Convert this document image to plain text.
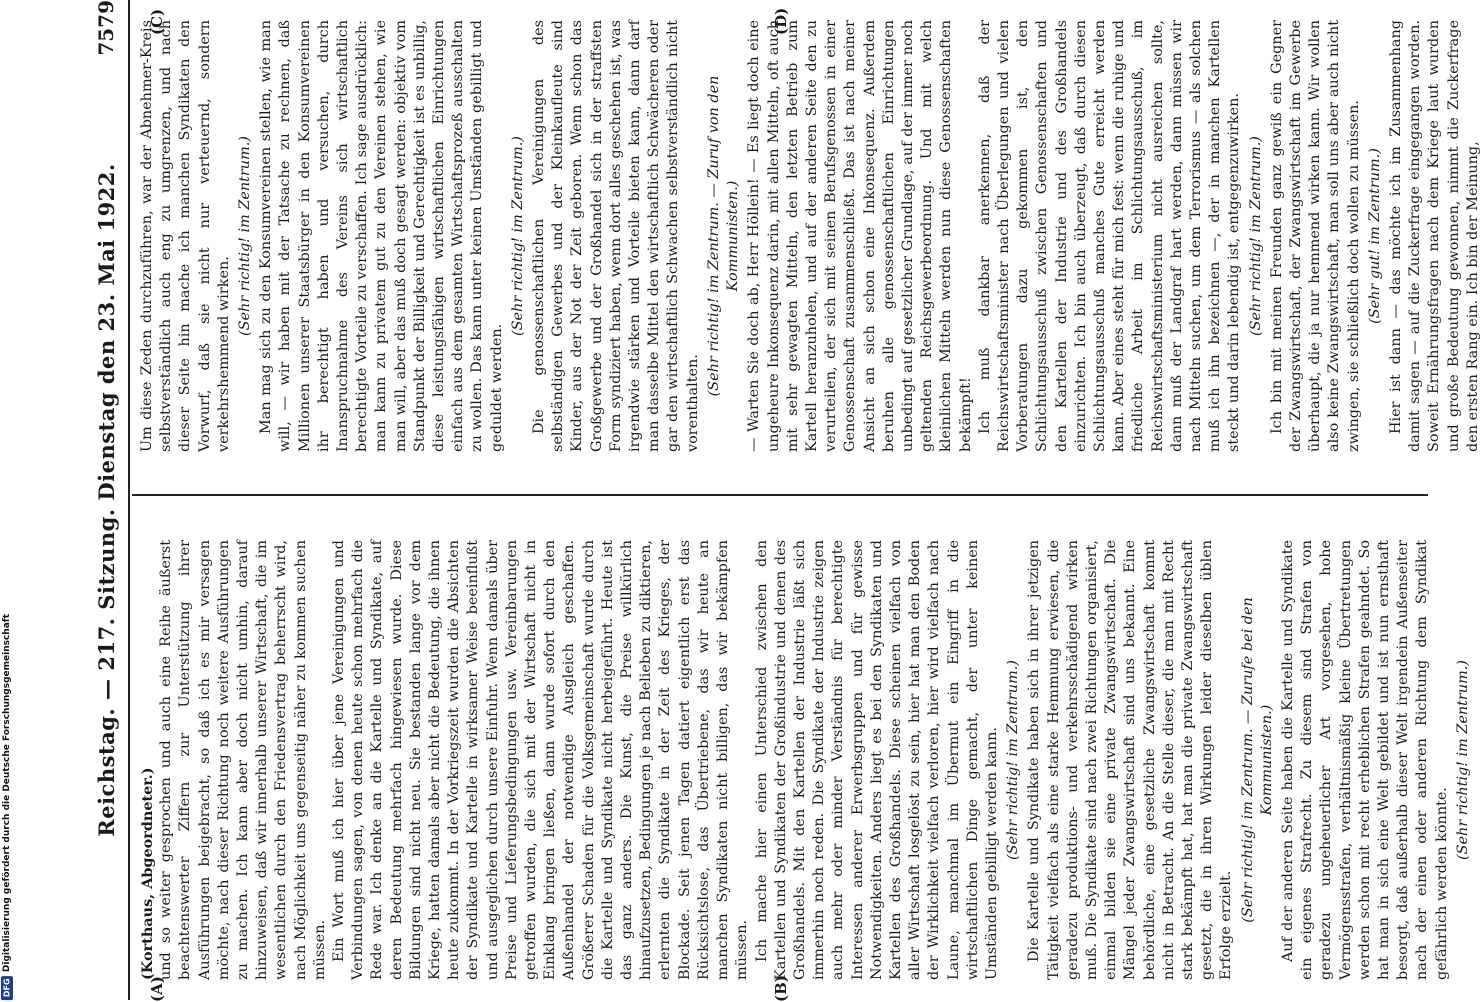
DFG
Digitalisierung gefördert durch die Deutsche Forschungsgemeinschaft	Reichstag. — 217. Sitzung. Dienstag den 23. Mai 1922.
7579
(A)	(B)
(C)	(D)

(Korthaus, Abgeordneter.) und so weiter gesprochen und auch eine Reihe äußerst beachtenswerter Ziffern zur Unterstützung ihrer Ausführungen beigebracht, so daß ich es mir versagen möchte, nach dieser Richtung noch weitere Ausführungen zu machen. Ich kann aber doch nicht umhin, darauf hinzuweisen, daß wir innerhalb unserer Wirtschaft, die im wesentlichen durch den Friedensvertrag beherrscht wird, nach Möglichkeit uns gegenseitig näher zu kommen suchen müssen. Ein Wort muß ich hier über jene Vereinigungen und Verbindungen sagen, von denen heute schon mehrfach die Rede war. Ich denke an die Kartelle und Syndikate, auf deren Bedeutung mehrfach hingewiesen wurde. Diese Bildungen sind nicht neu. Sie bestanden lange vor dem Kriege, hatten damals aber nicht die Bedeutung, die ihnen heute zukommt. In der Vorkriegszeit wurden die Absichten der Syndikate und Kartelle in wirksamer Weise beeinflußt und ausgeglichen durch unsere Einfuhr. Wenn damals über Preise und Lieferungsbedingungen usw. Vereinbarungen getroffen wurden, die sich mit der Wirtschaft nicht in Einklang bringen ließen, dann wurde sofort durch den Außenhandel der notwendige Ausgleich geschaffen. Größerer Schaden für die Volksgemeinschaft wurde durch die Kartelle und Syndikate nicht herbeigeführt. Heute ist das ganz anders. Die Kunst, die Preise willkürlich hinaufzusetzen, Bedingungen je nach Belieben zu diktieren, erlernten die Syndikate in der Zeit des Krieges, der Blockade. Seit jenen Tagen datiert eigentlich erst das Rücksichtslose, das Übertriebene, das wir heute an manchen Syndikaten nicht billigen, das wir bekämpfen müssen. Ich mache hier einen Unterschied zwischen den Kartellen und Syndikaten der Großindustrie und denen des Großhandels. Mit den Kartellen der Industrie läßt sich immerhin noch reden. Die Syndikate der Industrie zeigen auch mehr oder minder Verständnis für berechtigte Interessen anderer Erwerbsgruppen und für gewisse Notwendigkeiten. Anders liegt es bei den Syndikaten und Kartellen des Großhandels. Diese scheinen vielfach von aller Wirtschaft losgelöst zu sein, hier hat man den Boden der Wirklichkeit vielfach verloren, hier wird vielfach nach Laune, manchmal im Übermut ein Eingriff in die wirtschaftlichen Dinge gemacht, der unter keinen Umständen gebilligt werden kann. (Sehr richtig! im Zentrum.) Die Kartelle und Syndikate haben sich in ihrer jetzigen Tätigkeit vielfach als eine starke Hemmung erwiesen, die geradezu produktions- und verkehrsschädigend wirken muß. Die Syndikate sind nach zwei Richtungen organisiert, einmal bilden sie eine private Zwangswirtschaft. Die Mängel jeder Zwangswirtschaft sind uns bekannt. Eine behördliche, eine gesetzliche Zwangswirtschaft kommt nicht in Betracht. An die Stelle dieser, die man mit Recht stark bekämpft hat, hat man die private Zwangswirtschaft gesetzt, die in ihren Wirkungen leider dieselben üblen Erfolge erzielt.

(Sehr richtig! im Zentrum. — Zurufe bei den Kommunisten.) Auf der anderen Seite haben die Kartelle und Syndikate ein eigenes Strafrecht. Zu diesem sind Strafen von geradezu ungeheuerlicher Art vorgesehen, hohe Vermögensstrafen, verhältnismäßig kleine Übertretungen werden schon mit recht erheblichen Strafen geahndet. So hat man in sich eine Welt gebildet und ist nun ernsthaft besorgt, daß außerhalb dieser Welt irgendein Außenseiter nach der einen oder anderen Richtung dem Syndikat gefährlich werden könnte.

(Sehr richtig! im Zentrum.)

Um diese Zeden durchzuführen, war der Abnehmer-Kreis selbstverständlich auch eng zu umgrenzen, und nach dieser Seite hin mache ich manchen Syndikaten den Vorwurf, daß sie nicht nur verteuernd, sondern verkehrshemmend wirken.

(Sehr richtig! im Zentrum.) Man mag sich zu den Konsumvereinen stellen, wie man will, — wir haben mit der Tatsache zu rechnen, daß Millionen unserer Staatsbürger in den Konsumvereinen ihr berechtigt haben und versuchen, durch Inanspruchnahme des Vereins sich wirtschaftlich berechtigte Vorteile zu verschaffen. Ich sage ausdrücklich: man kann zu privatem gut zu den Vereinen stehen, wie man will, aber das muß doch gesagt werden: objektiv vom Standpunkt der Billigkeit und Gerechtigkeit ist es unbillig, diese leistungsfähigen wirtschaftlichen Einrichtungen einfach aus dem gesamten Wirtschaftsprozeß ausschalten zu wollen. Das kann unter keinen Umständen gebilligt und geduldet werden.

(Sehr richtig! im Zentrum.) Die genossenschaftlichen Vereinigungen des selbständigen Gewerbes und der Kleinkaufleute sind Kinder, aus der Not der Zeit geboren. Wenn schon das Großgewerbe und der Großhandel sich in der straffsten Form syndiziert haben, wenn dort alles geschehen ist, was irgendwie stärken und Vorteile bieten kann, dann darf man dasselbe Mittel den wirtschaftlich Schwächeren oder gar den wirtschaftlich Schwachen selbstverständlich nicht vorenthalten.

(Sehr richtig! im Zentrum. — Zuruf von den Kommunisten.) — Warten Sie doch ab, Herr Höllein! — Es liegt doch eine ungeheure Inkonsequenz darin, mit allen Mitteln, oft auch mit sehr gewagten Mitteln, den letzten Betrieb zum Kartell heranzuholen, und auf der anderen Seite den zu verurteilen, der sich mit seinen Berufsgenossen in einer Genossenschaft zusammenschließt. Das ist nach meiner Ansicht an sich schon eine Inkonsequenz. Außerdem beruhen alle genossenschaftlichen Einrichtungen unbedingt auf gesetzlicher Grundlage, auf der immer noch geltenden Reichsgewerbeordnung. Und mit welch kleinlichen Mitteln werden nun diese Genossenschaften bekämpft! Ich muß dankbar anerkennen, daß der Reichswirtschaftsminister nach Überlegungen und vielen Vorberatungen dazu gekommen ist, den Schlichtungsausschuß zwischen Genossenschaften und den Kartellen der Industrie und des Großhandels einzurichten. Ich bin auch überzeugt, daß durch diesen Schlichtungsausschuß manches Gute erreicht werden kann. Aber eines steht für mich fest: wenn die ruhige und friedliche Arbeit im Schlichtungsausschuß, im Reichswirtschaftsministerium nicht ausreichen sollte, dann muß der Landgraf hart werden, dann müssen wir nach Mitteln suchen, um dem Terrorismus — als solchen muß ich ihn bezeichnen —, der in manchen Kartellen steckt und darin lebendig ist, entgegenzuwirken. (Sehr richtig! im Zentrum.) Ich bin mit meinen Freunden ganz gewiß ein Gegner der Zwangswirtschaft, der Zwangswirtschaft im Gewerbe überhaupt, die ja nur hemmend wirken kann. Wir wollen also keine Zwangswirtschaft, man soll uns aber auch nicht zwingen, sie schließlich doch wollen zu müssen. (Sehr gut! im Zentrum.) Hier ist dann — das möchte ich im Zusammenhang damit sagen — auf die Zuckerfrage eingegangen worden. Soweit Ernährungsfragen nach dem Kriege laut wurden und große Bedeutung gewonnen, nimmt die Zuckerfrage den ersten Rang ein. Ich bin der Meinung,
